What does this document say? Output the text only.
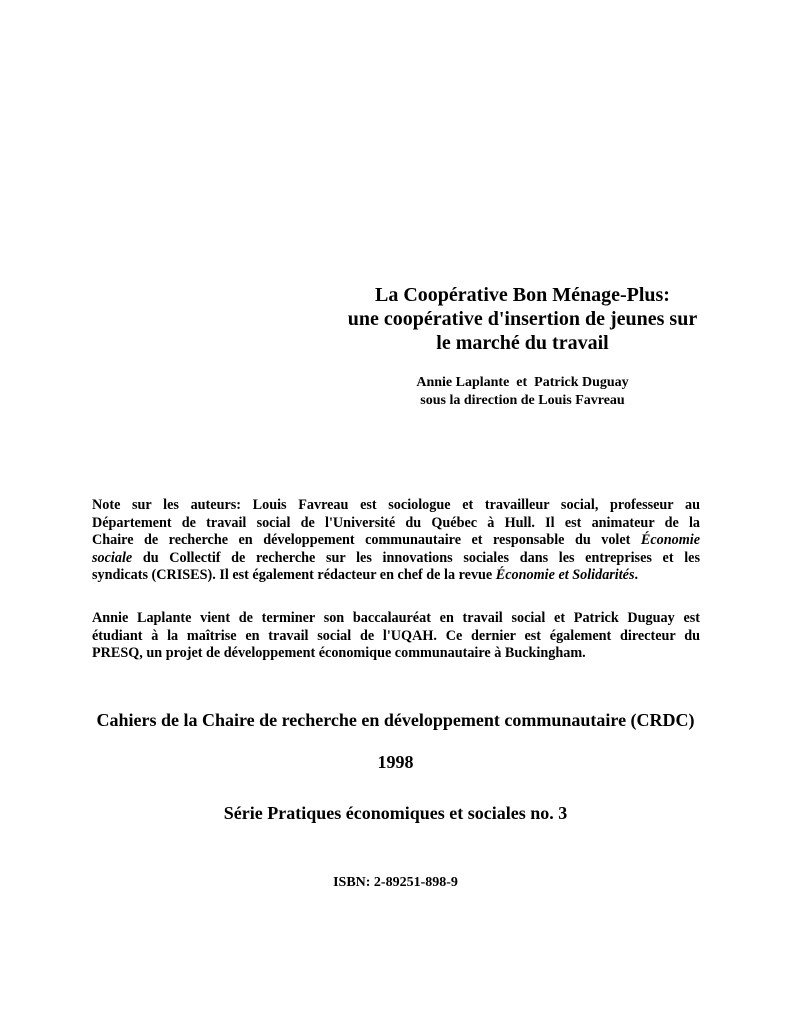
La Coopérative Bon Ménage-Plus:
une coopérative d'insertion de jeunes sur
le marché du travail
Annie Laplante  et  Patrick Duguay
sous la direction de Louis Favreau
Note sur les auteurs: Louis Favreau est sociologue et travailleur social, professeur au
Département de travail social de l'Université du Québec à Hull. Il est animateur de la
Chaire de recherche en développement communautaire et responsable du volet Économie
sociale du Collectif de recherche sur les innovations sociales dans les entreprises et les
syndicats (CRISES). Il est également rédacteur en chef de la revue Économie et Solidarités.
Annie Laplante vient de terminer son baccalauréat en travail social et Patrick Duguay est
étudiant à la maîtrise en travail social de l'UQAH. Ce dernier est également directeur du
PRESQ, un projet de développement économique communautaire à Buckingham.
Cahiers de la Chaire de recherche en développement communautaire (CRDC)
1998
Série Pratiques économiques et sociales no. 3
ISBN: 2-89251-898-9
